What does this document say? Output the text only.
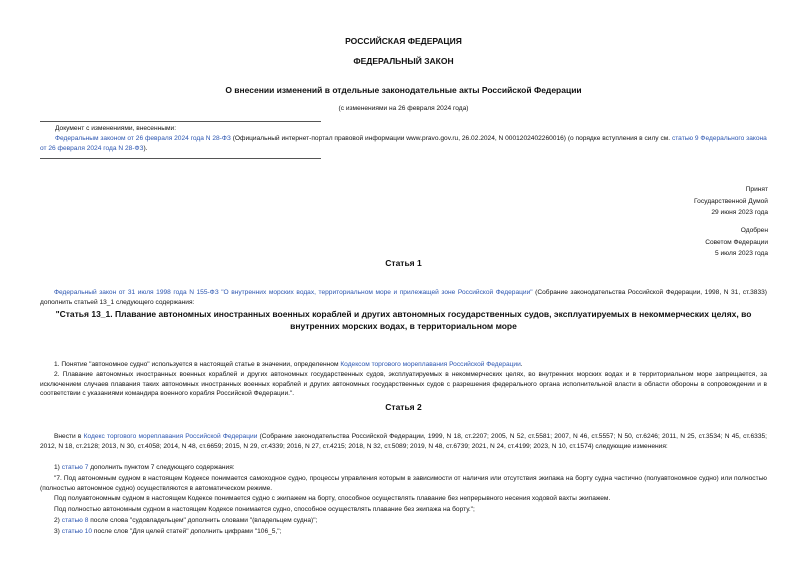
РОССИЙСКАЯ ФЕДЕРАЦИЯ
ФЕДЕРАЛЬНЫЙ ЗАКОН
О внесении изменений в отдельные законодательные акты Российской Федерации
(с изменениями на 26 февраля 2024 года)
Документ с изменениями, внесенными:
Федеральным законом от 26 февраля 2024 года N 28-ФЗ (Официальный интернет-портал правовой информации www.pravo.gov.ru, 26.02.2024, N 0001202402260016) (о порядке вступления в силу см. статью 9 Федерального закона от 26 февраля 2024 года N 28-ФЗ).
Принят
Государственной Думой
29 июня 2023 года
Одобрен
Советом Федерации
5 июля 2023 года
Статья 1
Федеральный закон от 31 июля 1998 года N 155-ФЗ "О внутренних морских водах, территориальном море и прилежащей зоне Российской Федерации" (Собрание законодательства Российской Федерации, 1998, N 31, ст.3833) дополнить статьей 13_1 следующего содержания:
"Статья 13_1. Плавание автономных иностранных военных кораблей и других автономных государственных судов, эксплуатируемых в некоммерческих целях, во внутренних морских водах, в территориальном море
1. Понятие "автономное судно" используется в настоящей статье в значении, определенном Кодексом торгового мореплавания Российской Федерации.
2. Плавание автономных иностранных военных кораблей и других автономных государственных судов, эксплуатируемых в некоммерческих целях, во внутренних морских водах и в территориальном море запрещается, за исключением случаев плавания таких автономных иностранных военных кораблей и других автономных государственных судов с разрешения федерального органа исполнительной власти в области обороны в сопровождении и в соответствии с указаниями командира военного корабля Российской Федерации.".
Статья 2
Внести в Кодекс торгового мореплавания Российской Федерации (Собрание законодательства Российской Федерации, 1999, N 18, ст.2207; 2005, N 52, ст.5581; 2007, N 46, ст.5557; N 50, ст.6246; 2011, N 25, ст.3534; N 45, ст.6335; 2012, N 18, ст.2128; 2013, N 30, ст.4058; 2014, N 48, ст.6659; 2015, N 29, ст.4339; 2016, N 27, ст.4215; 2018, N 32, ст.5089; 2019, N 48, ст.6739; 2021, N 24, ст.4199; 2023, N 10, ст.1574) следующие изменения:
1) статью 7 дополнить пунктом 7 следующего содержания:
"7. Под автономным судном в настоящем Кодексе понимается самоходное судно, процессы управления которым в зависимости от наличия или отсутствия экипажа на борту судна частично (полуавтономное судно) или полностью (полностью автономное судно) осуществляются в автоматическом режиме.
Под полуавтономным судном в настоящем Кодексе понимается судно с экипажем на борту, способное осуществлять плавание без непрерывного несения ходовой вахты экипажем.
Под полностью автономным судном в настоящем Кодексе понимается судно, способное осуществлять плавание без экипажа на борту.";
2) статью 8 после слова "судовладельцем" дополнить словами "(владельцем судна)";
3) статью 10 после слов "Для целей статей" дополнить цифрами "106_5,";
